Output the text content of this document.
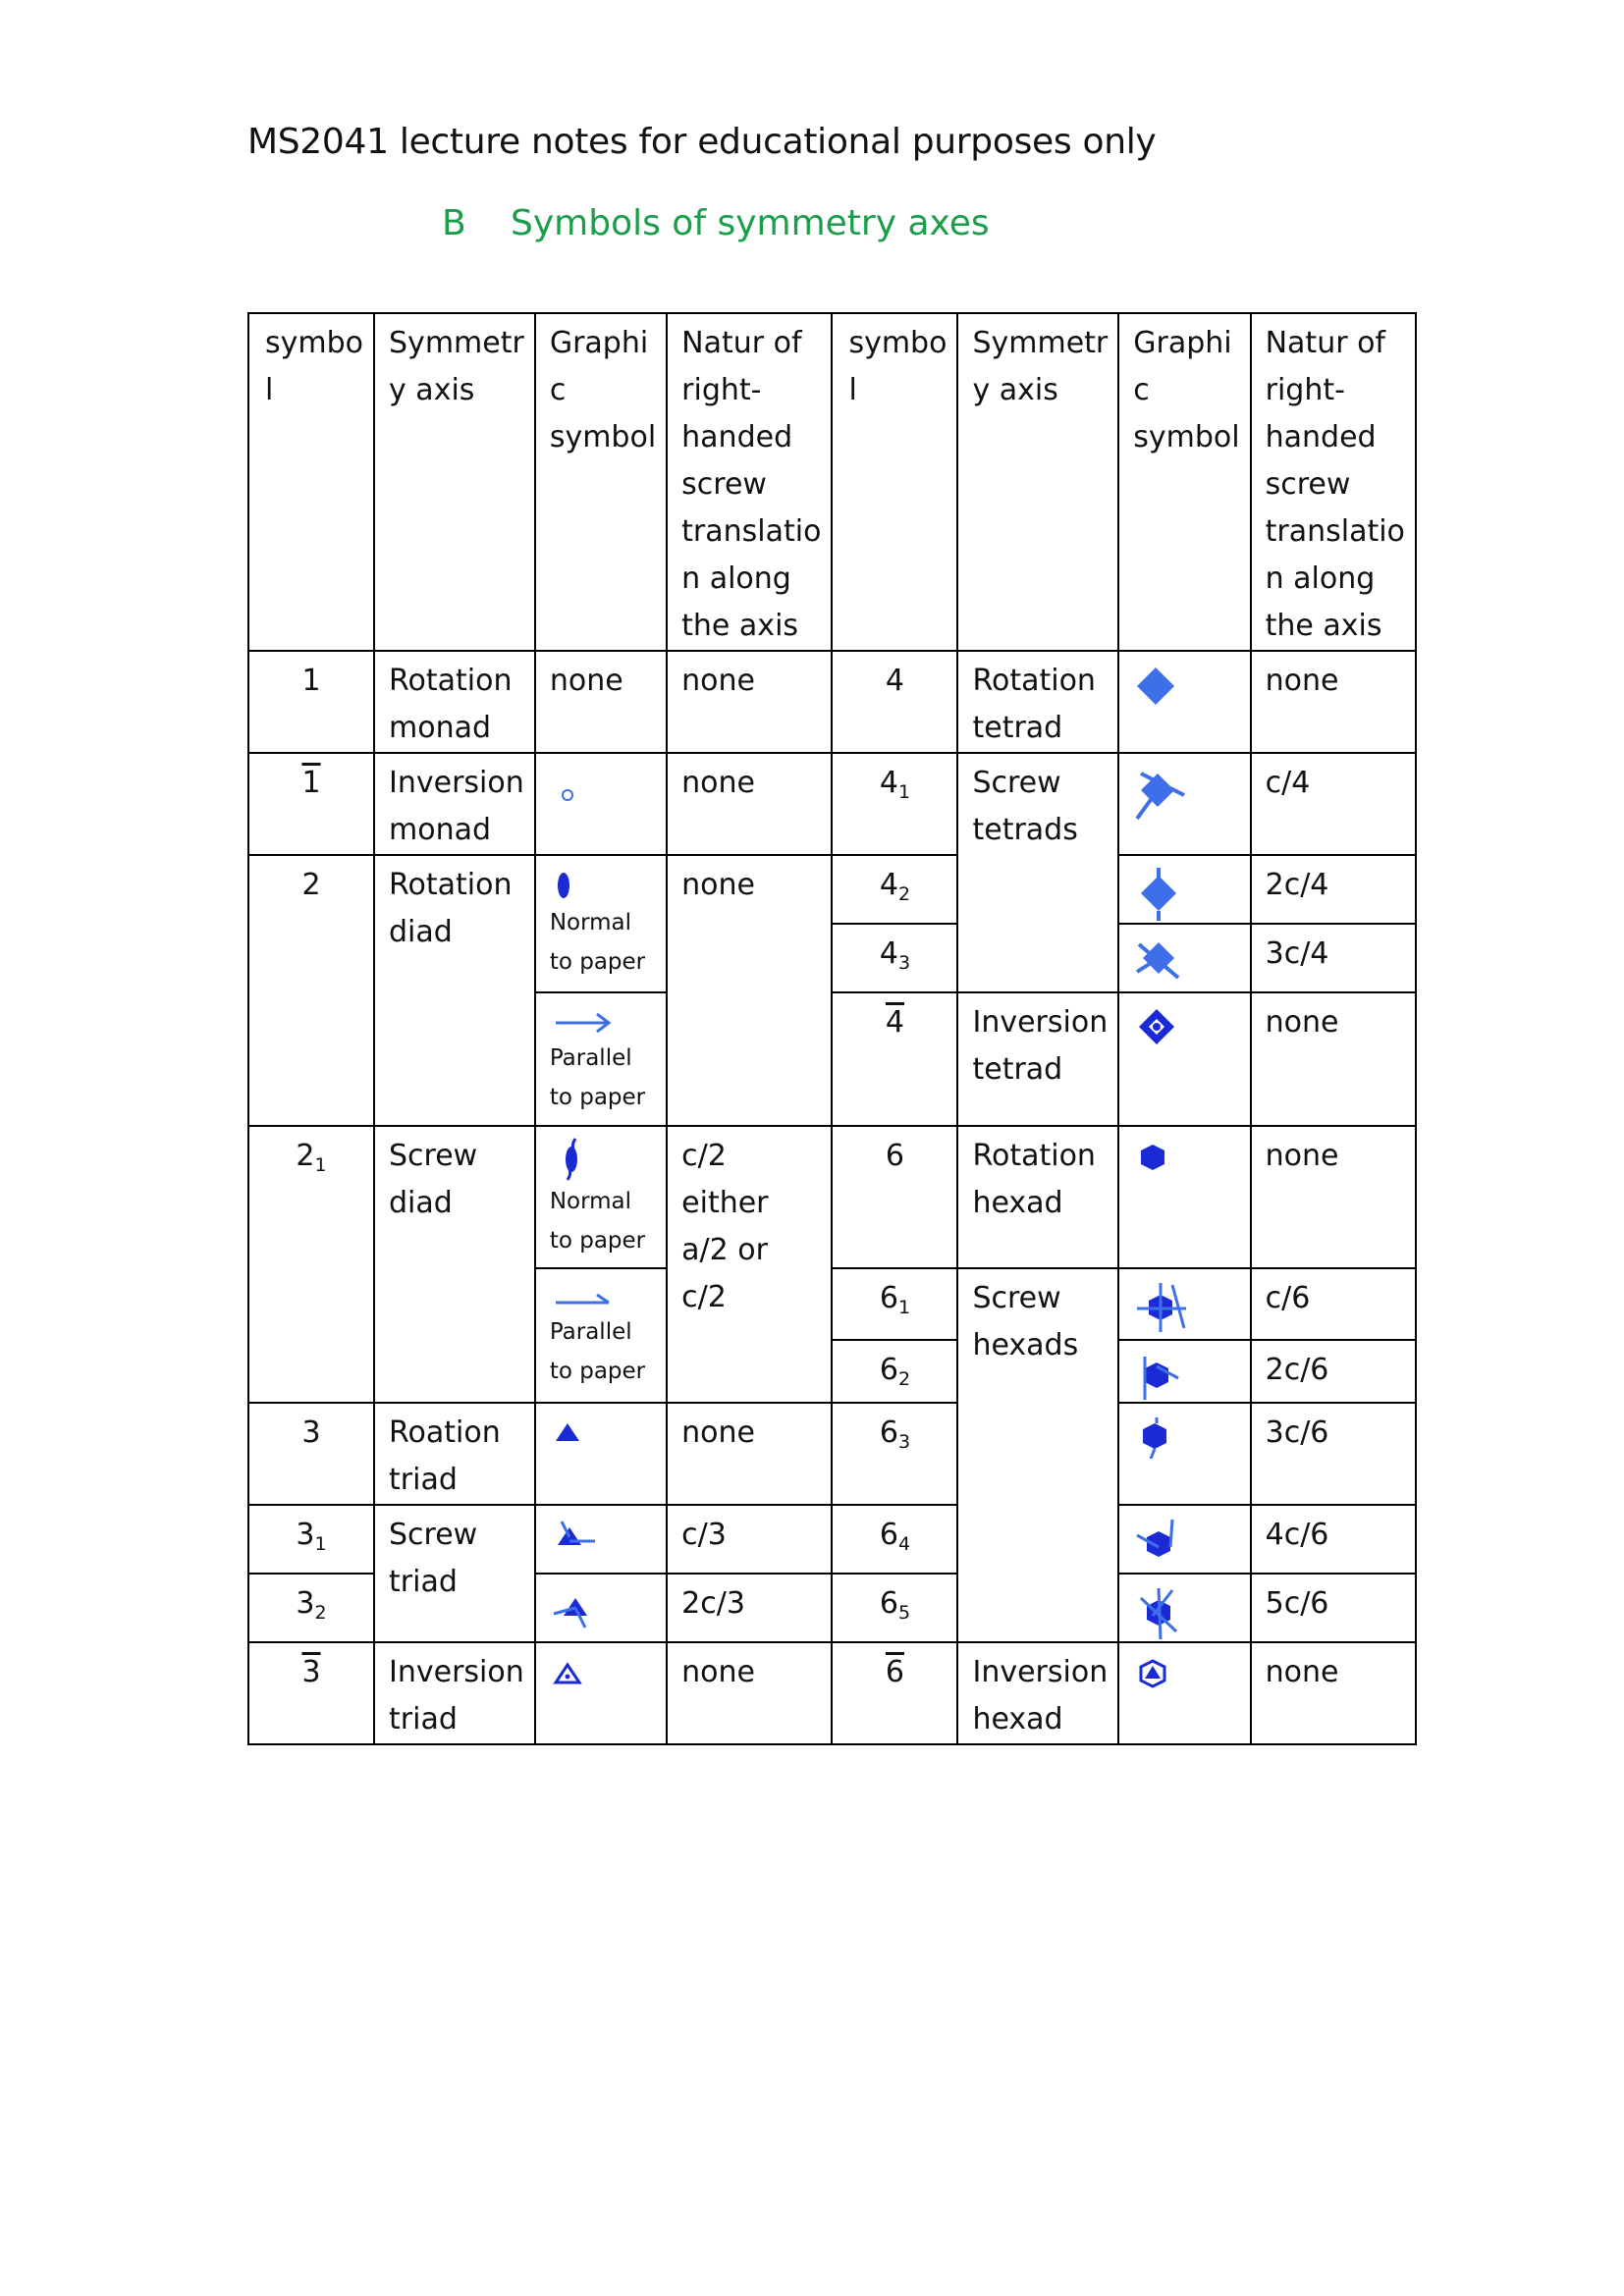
MS2041 lecture notes for educational purposes only
B Symbols of symmetry axes
symbo l	Symmetr y axis	Graphi c symbol	Natur of right-handed screw translatio n along the axis	symbo l	Symmetr y axis	Graphi c symbol	Natur of right-handed screw translatio n along the axis
1	Rotation monad	none	none	4	Rotation tetrad		none
1	Inversion monad		none	$4_1$	Screw tetrads		c/4
2	Rotation diad	Normal to paper	none	$4_2$			2c/4
				$4_3$			3c/4

		Parallel to paper		4	Inversion tetrad		none
$2_1$	Screw diad	Normal to paper	c/2 either a/2 or c/2	6	Rotation hexad		none

		Parallel to paper		$6_1$	Screw hexads		c/6
				$6_2$			2c/6
3	Roation triad		none	$6_3$			3c/6
$3_1$	Screw triad		c/3	$6_4$			4c/6
$3_2$			2c/3	$6_5$			5c/6
3	Inversion triad		none	6	Inversion hexad		none
